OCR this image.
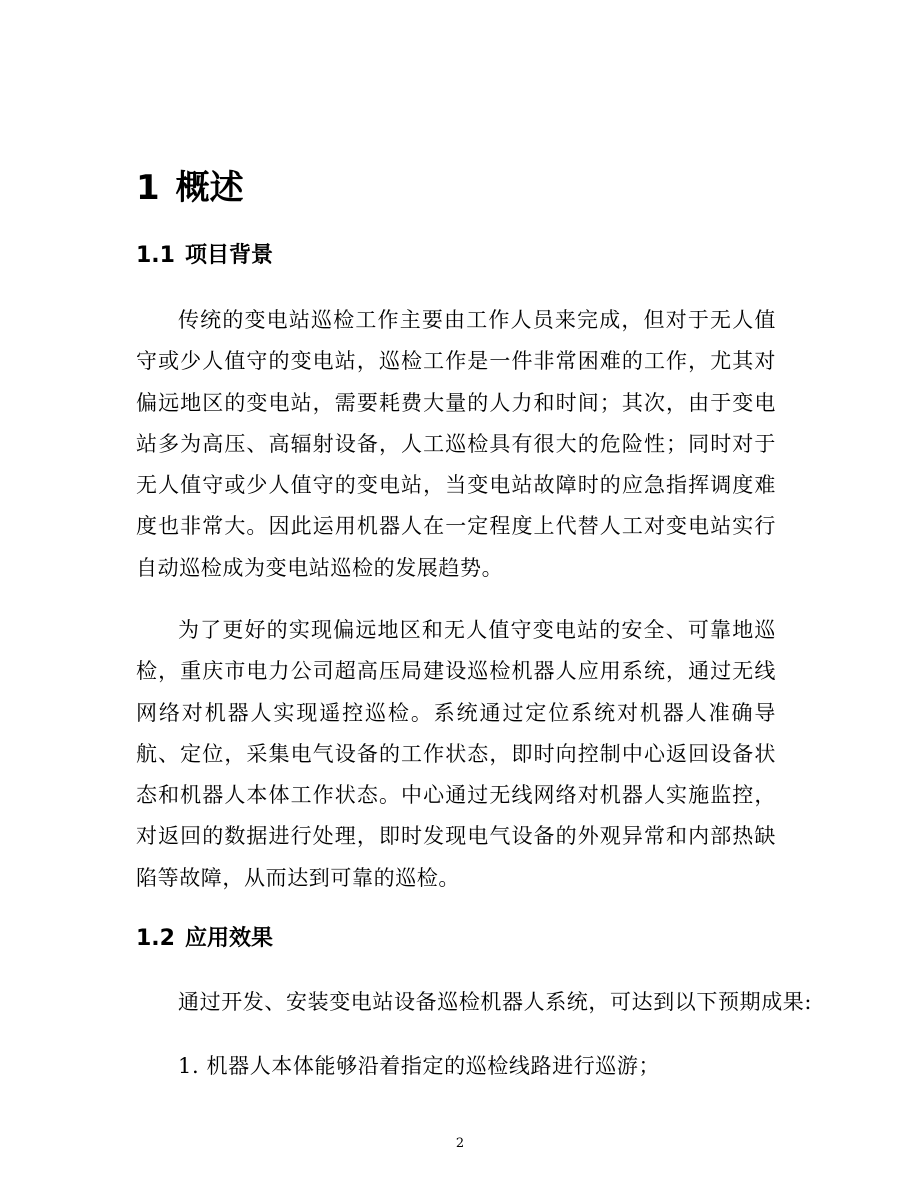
1 概述
1.1 项目背景

传统的变电站巡检工作主要由工作人员来完成，但对于无人值守或少人值守的变电站，巡检工作是一件非常困难的工作，尤其对偏远地区的变电站，需要耗费大量的人力和时间；其次，由于变电站多为高压、高辐射设备，人工巡检具有很大的危险性；同时对于无人值守或少人值守的变电站，当变电站故障时的应急指挥调度难度也非常大。因此运用机器人在一定程度上代替人工对变电站实行自动巡检成为变电站巡检的发展趋势。

为了更好的实现偏远地区和无人值守变电站的安全、可靠地巡检，重庆市电力公司超高压局建设巡检机器人应用系统，通过无线网络对机器人实现遥控巡检。系统通过定位系统对机器人准确导航、定位，采集电气设备的工作状态，即时向控制中心返回设备状态和机器人本体工作状态。中心通过无线网络对机器人实施监控，对返回的数据进行处理，即时发现电气设备的外观异常和内部热缺陷等故障，从而达到可靠的巡检。

1.2 应用效果
通过开发、安装变电站设备巡检机器人系统，可达到以下预期成果:
1. 机器人本体能够沿着指定的巡检线路进行巡游；
2
